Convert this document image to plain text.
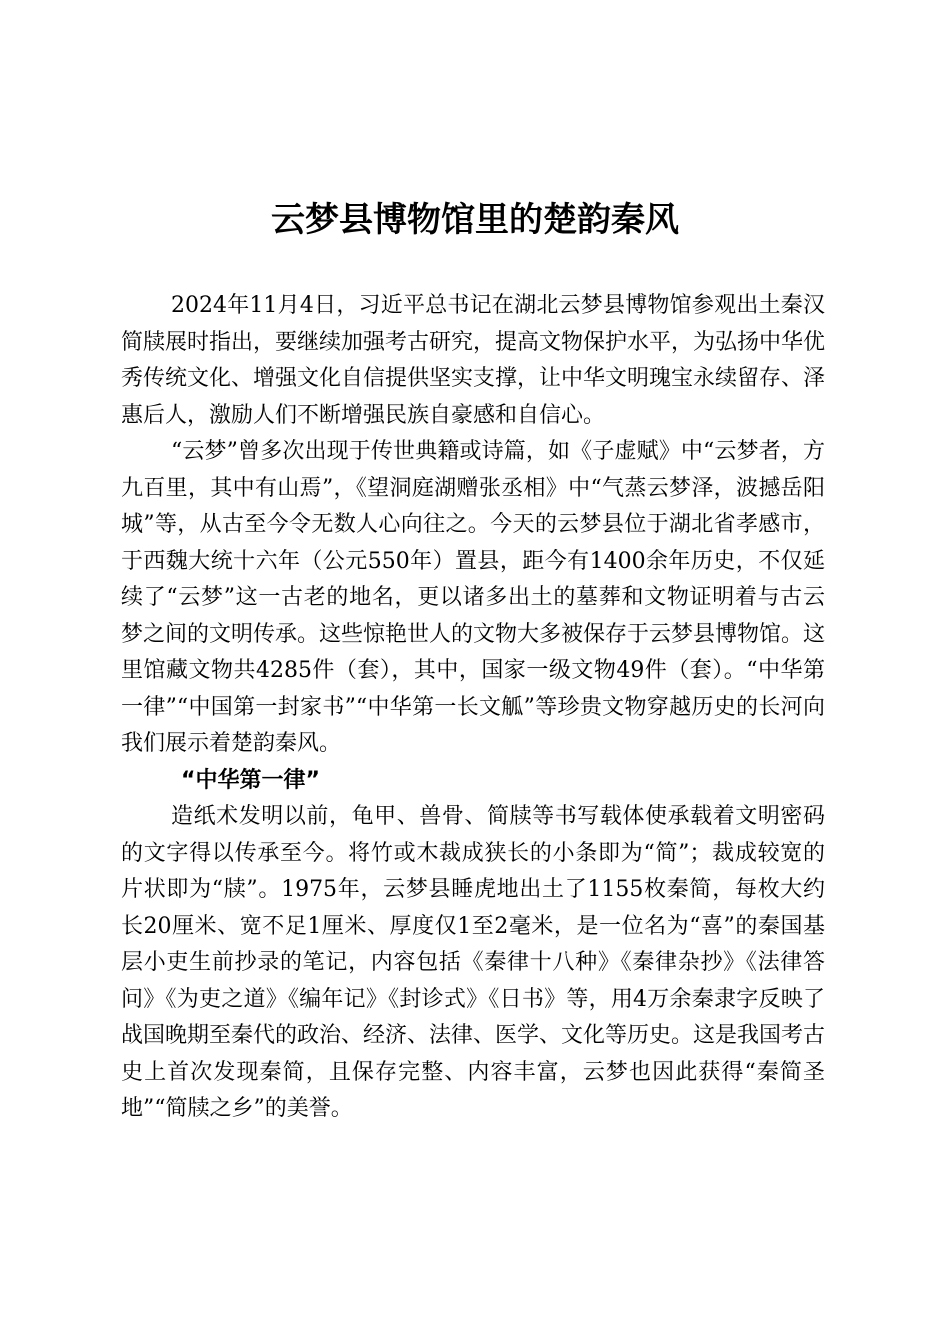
云梦县博物馆里的楚韵秦风

2024年11月4日，习近平总书记在湖北云梦县博物馆参观出土秦汉简牍展时指出，要继续加强考古研究，提高文物保护水平，为弘扬中华优秀传统文化、增强文化自信提供坚实支撑，让中华文明瑰宝永续留存、泽惠后人，激励人们不断增强民族自豪感和自信心。

“云梦”曾多次出现于传世典籍或诗篇，如《子虚赋》中“云梦者，方九百里，其中有山焉”，《望洞庭湖赠张丞相》中“气蒸云梦泽，波撼岳阳城”等，从古至今令无数人心向往之。今天的云梦县位于湖北省孝感市，于西魏大统十六年（公元550年）置县，距今有1400余年历史，不仅延续了“云梦”这一古老的地名，更以诸多出土的墓葬和文物证明着与古云梦之间的文明传承。这些惊艳世人的文物大多被保存于云梦县博物馆。这里馆藏文物共4285件（套），其中，国家一级文物49件（套）。“中华第一律”“中国第一封家书”“中华第一长文觚”等珍贵文物穿越历史的长河向我们展示着楚韵秦风。

“中华第一律”

造纸术发明以前，龟甲、兽骨、简牍等书写载体使承载着文明密码的文字得以传承至今。将竹或木裁成狭长的小条即为“简”；裁成较宽的片状即为“牍”。1975年，云梦县睡虎地出土了1155枚秦简，每枚大约长20厘米、宽不足1厘米、厚度仅1至2毫米，是一位名为“喜”的秦国基层小吏生前抄录的笔记，内容包括《秦律十八种》《秦律杂抄》《法律答问》《为吏之道》《编年记》《封诊式》《日书》等，用4万余秦隶字反映了战国晚期至秦代的政治、经济、法律、医学、文化等历史。这是我国考古史上首次发现秦简，且保存完整、内容丰富，云梦也因此获得“秦简圣地”“简牍之乡”的美誉。
